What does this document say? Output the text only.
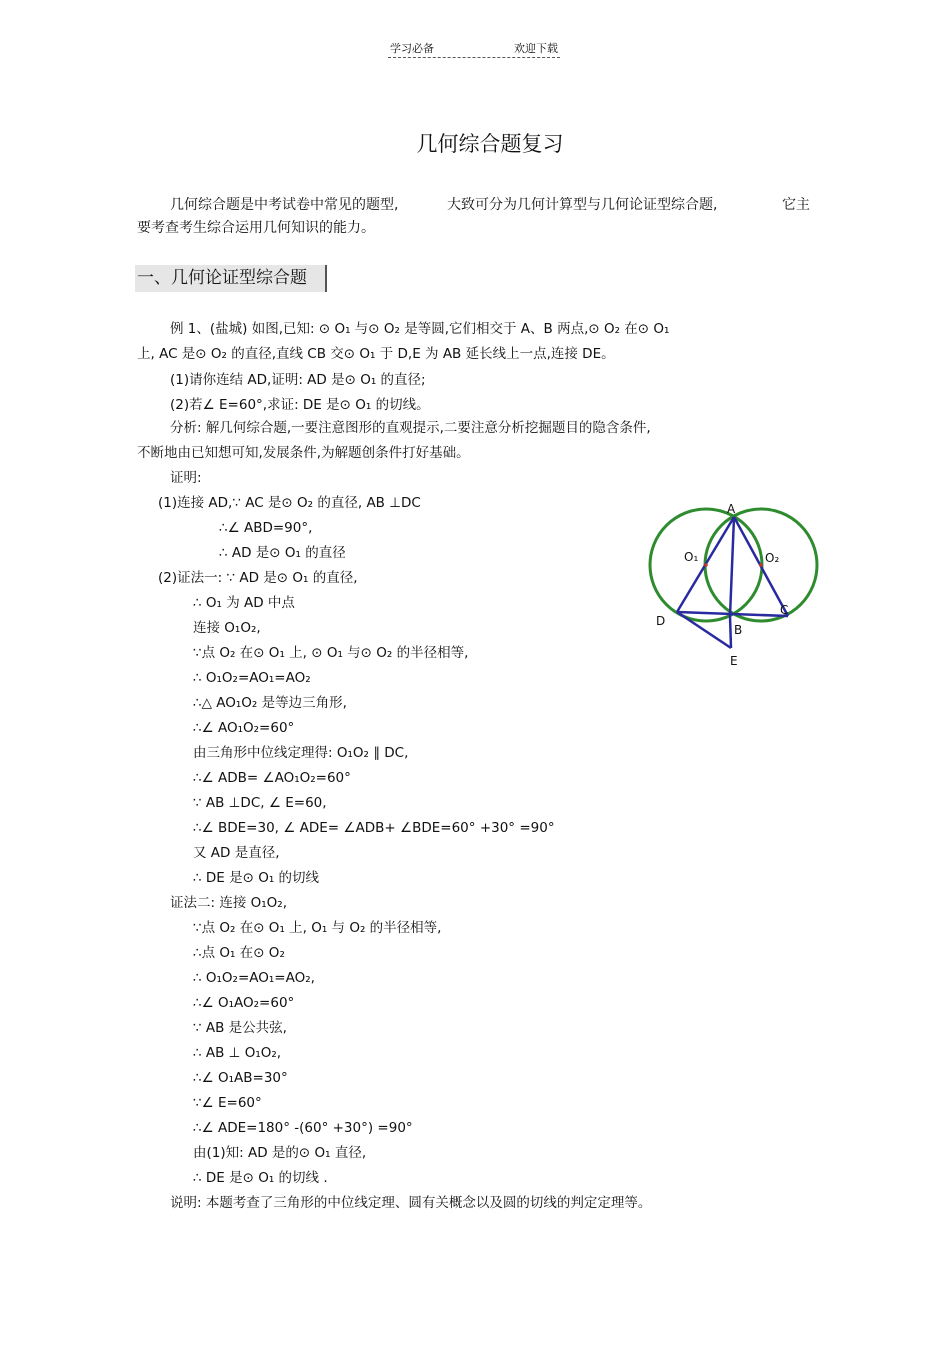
学习必备	欢迎下载
几何综合题复习
几何综合题是中考试卷中常见的题型,	大致可分为几何计算型与几何论证型综合题,	它主
要考查考生综合运用几何知识的能力。
一、几何论证型综合题
例 1、(盐城) 如图,已知: ⊙ O₁ 与⊙ O₂ 是等圆,它们相交于 A、B 两点,⊙ O₂ 在⊙ O₁
上, AC 是⊙ O₂ 的直径,直线 CB 交⊙ O₁ 于 D,E 为 AB 延长线上一点,连接 DE。
(1)请你连结 AD,证明: AD 是⊙ O₁ 的直径;
(2)若∠ E=60°,求证: DE 是⊙ O₁ 的切线。
分析: 解几何综合题,一要注意图形的直观提示,二要注意分析挖掘题目的隐含条件,
不断地由已知想可知,发展条件,为解题创条件打好基础。
证明:
(1)连接 AD,∵ AC 是⊙ O₂ 的直径, AB ⊥DC
∴∠ ABD=90°,
∴ AD 是⊙ O₁ 的直径
(2)证法一: ∵ AD 是⊙ O₁ 的直径,
∴ O₁ 为 AD 中点
连接 O₁O₂,
∵点 O₂ 在⊙ O₁ 上, ⊙ O₁ 与⊙ O₂ 的半径相等,
∴ O₁O₂=AO₁=AO₂
∴△ AO₁O₂ 是等边三角形,
∴∠ AO₁O₂=60°
由三角形中位线定理得: O₁O₂ ∥ DC,
∴∠ ADB= ∠AO₁O₂=60°
∵ AB ⊥DC, ∠ E=60,
∴∠ BDE=30, ∠ ADE= ∠ADB+ ∠BDE=60° +30° =90°
又 AD 是直径,
∴ DE 是⊙ O₁ 的切线
证法二: 连接 O₁O₂,
∵点 O₂ 在⊙ O₁ 上, O₁ 与 O₂ 的半径相等,
∴点 O₁ 在⊙ O₂
∴ O₁O₂=AO₁=AO₂,
∴∠ O₁AO₂=60°
∵ AB 是公共弦,
∴ AB ⊥ O₁O₂,
∴∠ O₁AB=30°
∵∠ E=60°
∴∠ ADE=180° -(60° +30°) =90°
由(1)知: AD 是的⊙ O₁ 直径,
∴ DE 是⊙ O₁ 的切线 .
说明: 本题考查了三角形的中位线定理、圆有关概念以及圆的切线的判定定理等。
A
O₁	O₂
C
D
B
E
